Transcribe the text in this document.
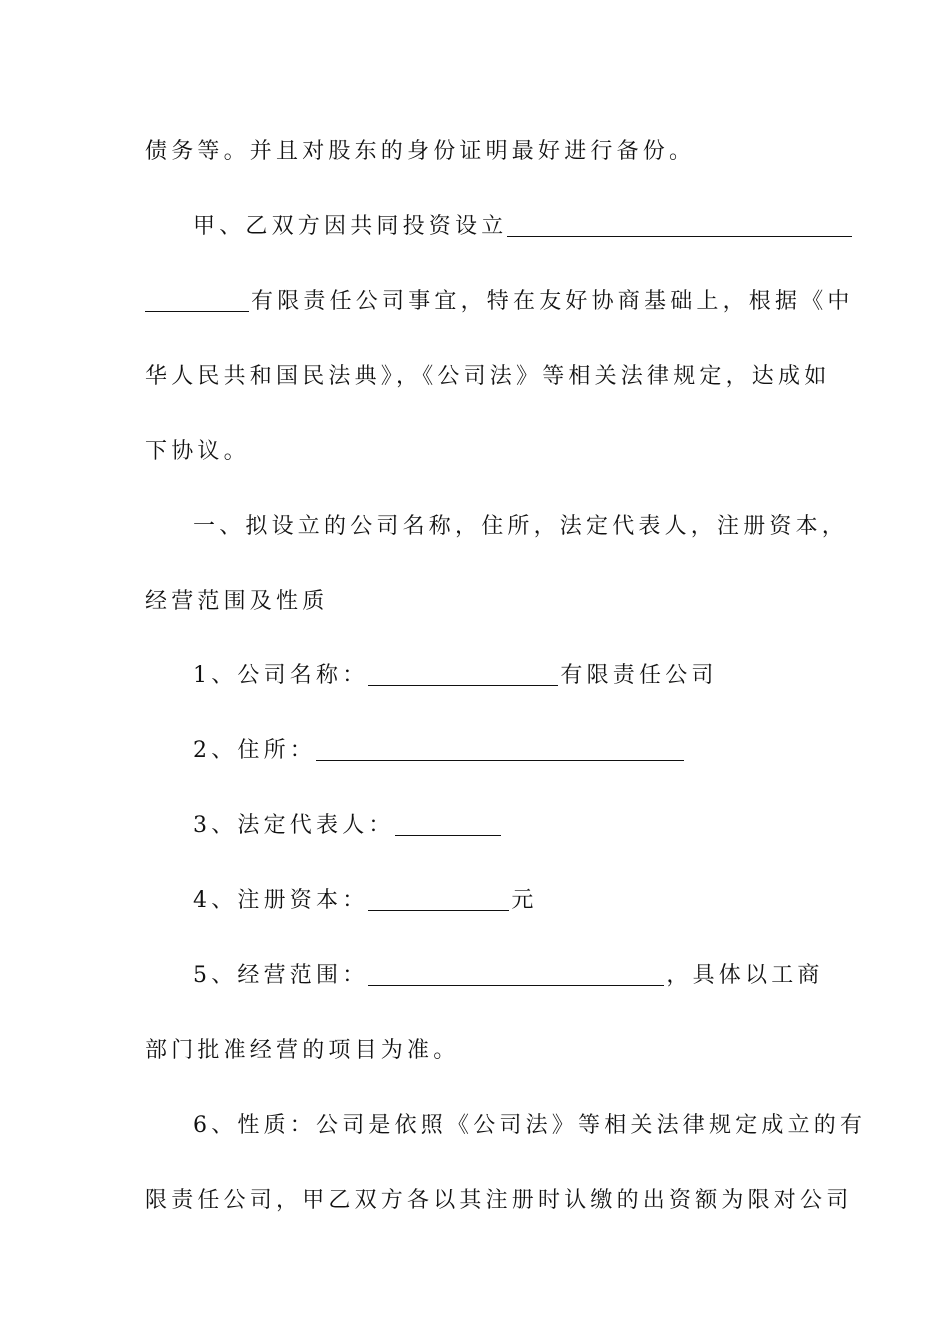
债务等。并且对股东的身份证明最好进行备份。
甲、乙双方因共同投资设立
有限责任公司事宜，特在友好协商基础上，根据《中
华人民共和国民法典》，《公司法》等相关法律规定，达成如
下协议。
一、拟设立的公司名称，住所，法定代表人，注册资本，
经营范围及性质
1、公司名称：	有限责任公司
2、住所：
3、法定代表人：
4、注册资本：	元
5、经营范围：	，具体以工商
部门批准经营的项目为准。
6、性质：公司是依照《公司法》等相关法律规定成立的有
限责任公司，甲乙双方各以其注册时认缴的出资额为限对公司
